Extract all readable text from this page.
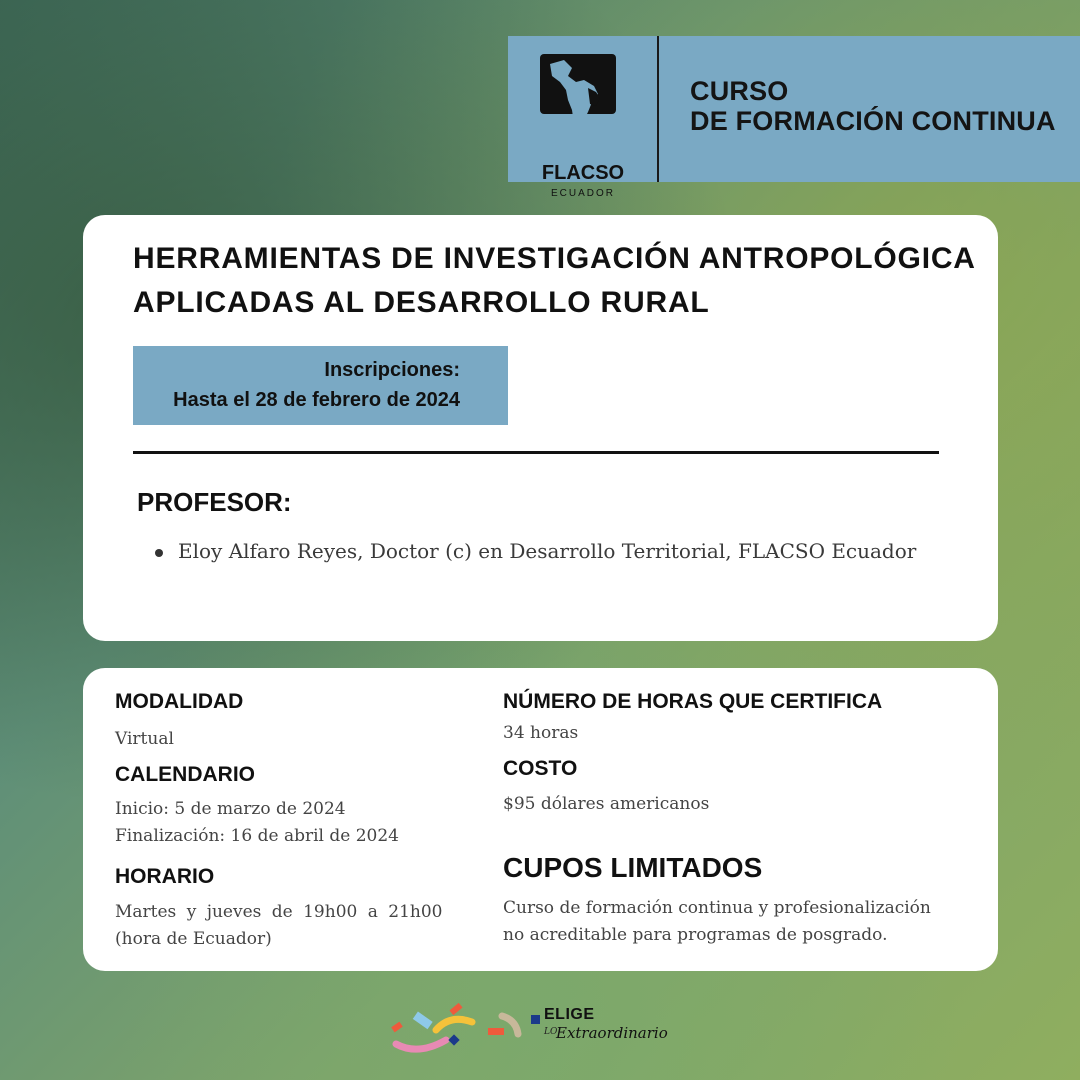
FLACSO
ECUADOR
CURSO
DE FORMACIÓN CONTINUA
HERRAMIENTAS DE INVESTIGACIÓN ANTROPOLÓGICA
APLICADAS AL DESARROLLO RURAL
Inscripciones:
Hasta el 28 de febrero de 2024
PROFESOR:
Eloy Alfaro Reyes, Doctor (c) en Desarrollo Territorial, FLACSO Ecuador
MODALIDAD
Virtual
CALENDARIO
Inicio: 5 de marzo de 2024
Finalización: 16 de abril de 2024
HORARIO
Martes y jueves de 19h00 a 21h00
(hora de Ecuador)
NÚMERO DE HORAS QUE CERTIFICA
34 horas
COSTO
$95 dólares americanos
CUPOS LIMITADOS
Curso de formación continua y profesionalización
no acreditable para programas de posgrado.
ELIGE
LO
Extraordinario
